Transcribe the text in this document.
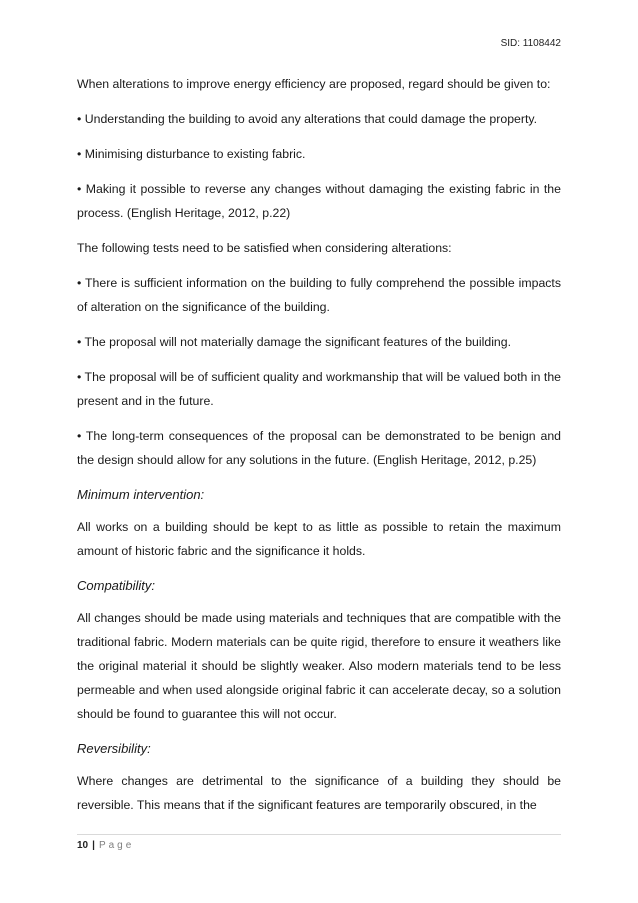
SID: 1108442

When alterations to improve energy efficiency are proposed, regard should be given to:

• Understanding the building to avoid any alterations that could damage the property.

• Minimising disturbance to existing fabric.

• Making it possible to reverse any changes without damaging the existing fabric in the process. (English Heritage, 2012, p.22)

The following tests need to be satisfied when considering alterations:

• There is sufficient information on the building to fully comprehend the possible impacts of alteration on the significance of the building.

• The proposal will not materially damage the significant features of the building.

• The proposal will be of sufficient quality and workmanship that will be valued both in the present and in the future.

• The long-term consequences of the proposal can be demonstrated to be benign and the design should allow for any solutions in the future. (English Heritage, 2012, p.25)

Minimum intervention:

All works on a building should be kept to as little as possible to retain the maximum amount of historic fabric and the significance it holds.

Compatibility:

All changes should be made using materials and techniques that are compatible with the traditional fabric. Modern materials can be quite rigid, therefore to ensure it weathers like the original material it should be slightly weaker. Also modern materials tend to be less permeable and when used alongside original fabric it can accelerate decay, so a solution should be found to guarantee this will not occur.

Reversibility:

Where changes are detrimental to the significance of a building they should be reversible. This means that if the significant features are temporarily obscured, in the

10 | Page
